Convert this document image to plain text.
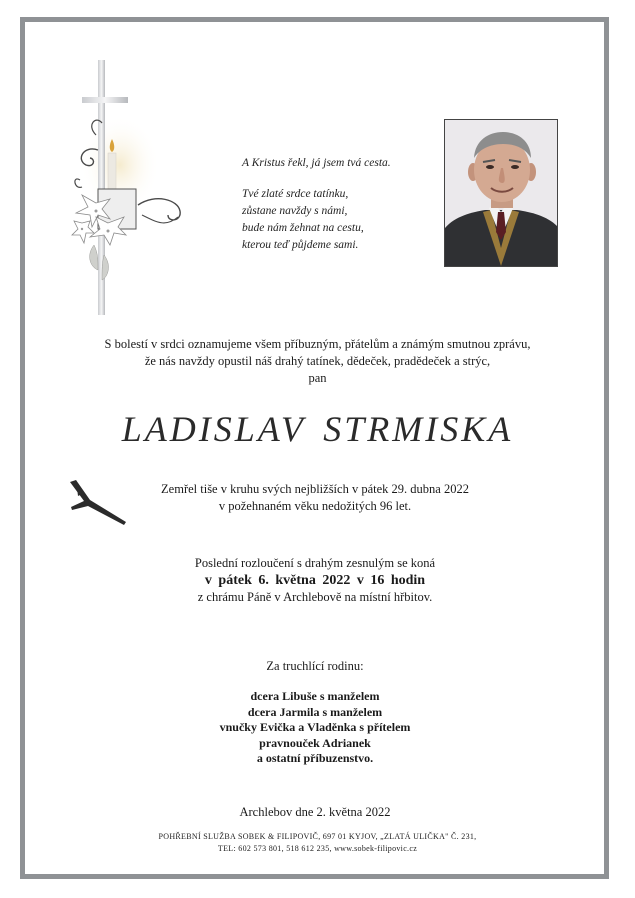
A Kristus řekl, já jsem tvá cesta.

Tvé zlaté srdce tatínku,

zůstane navždy s námi,

bude nám žehnat na cestu,

kterou teď půjdeme sami.

S bolestí v srdci oznamujeme všem příbuzným, přátelům a známým smutnou zprávu,

že nás navždy opustil náš drahý tatínek, dědeček, pradědeček a strýc,

pan

LADISLAV STRMISKA

Zemřel tiše v kruhu svých nejbližších v pátek 29. dubna 2022

v požehnaném věku nedožitých 96 let.

Poslední rozloučení s drahým zesnulým se koná

v pátek 6. května 2022 v 16 hodin

z chrámu Páně v Archlebově na místní hřbitov.

Za truchlící rodinu:

dcera Libuše s manželem

dcera Jarmila s manželem

vnučky Evička a Vladěnka s přítelem

pravnouček Adrianek

a ostatní příbuzenstvo.

Archlebov dne 2. května 2022

POHŘEBNÍ SLUŽBA SOBEK & FILIPOVIČ, 697 01 KYJOV, „ZLATÁ ULIČKA" Č. 231,

TEL: 602 573 801, 518 612 235, www.sobek-filipovic.cz
